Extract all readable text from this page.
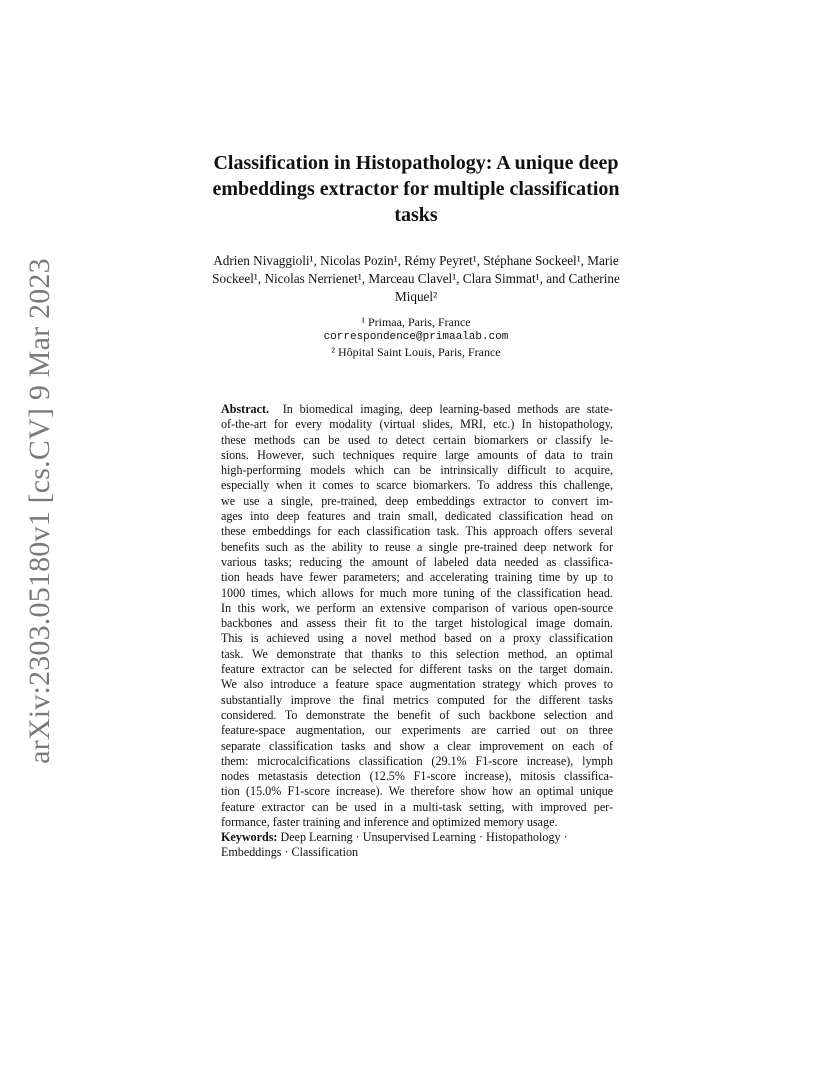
arXiv:2303.05180v1 [cs.CV] 9 Mar 2023
Classification in Histopathology: A unique deep
embeddings extractor for multiple classification
tasks
Adrien Nivaggioli¹, Nicolas Pozin¹, Rémy Peyret¹, Stéphane Sockeel¹, Marie
Sockeel¹, Nicolas Nerrienet¹, Marceau Clavel¹, Clara Simmat¹, and Catherine
Miquel²
¹ Primaa, Paris, France
correspondence@primaalab.com
² Hôpital Saint Louis, Paris, France
Abstract. In biomedical imaging, deep learning-based methods are state-
of-the-art for every modality (virtual slides, MRI, etc.) In histopathology,
these methods can be used to detect certain biomarkers or classify le-
sions. However, such techniques require large amounts of data to train
high-performing models which can be intrinsically difficult to acquire,
especially when it comes to scarce biomarkers. To address this challenge,
we use a single, pre-trained, deep embeddings extractor to convert im-
ages into deep features and train small, dedicated classification head on
these embeddings for each classification task. This approach offers several
benefits such as the ability to reuse a single pre-trained deep network for
various tasks; reducing the amount of labeled data needed as classifica-
tion heads have fewer parameters; and accelerating training time by up to
1000 times, which allows for much more tuning of the classification head.
In this work, we perform an extensive comparison of various open-source
backbones and assess their fit to the target histological image domain.
This is achieved using a novel method based on a proxy classification
task. We demonstrate that thanks to this selection method, an optimal
feature extractor can be selected for different tasks on the target domain.
We also introduce a feature space augmentation strategy which proves to
substantially improve the final metrics computed for the different tasks
considered. To demonstrate the benefit of such backbone selection and
feature-space augmentation, our experiments are carried out on three
separate classification tasks and show a clear improvement on each of
them: microcalcifications classification (29.1% F1-score increase), lymph
nodes metastasis detection (12.5% F1-score increase), mitosis classifica-
tion (15.0% F1-score increase). We therefore show how an optimal unique
feature extractor can be used in a multi-task setting, with improved per-
formance, faster training and inference and optimized memory usage.
Keywords: Deep Learning · Unsupervised Learning · Histopathology ·
Embeddings · Classification
